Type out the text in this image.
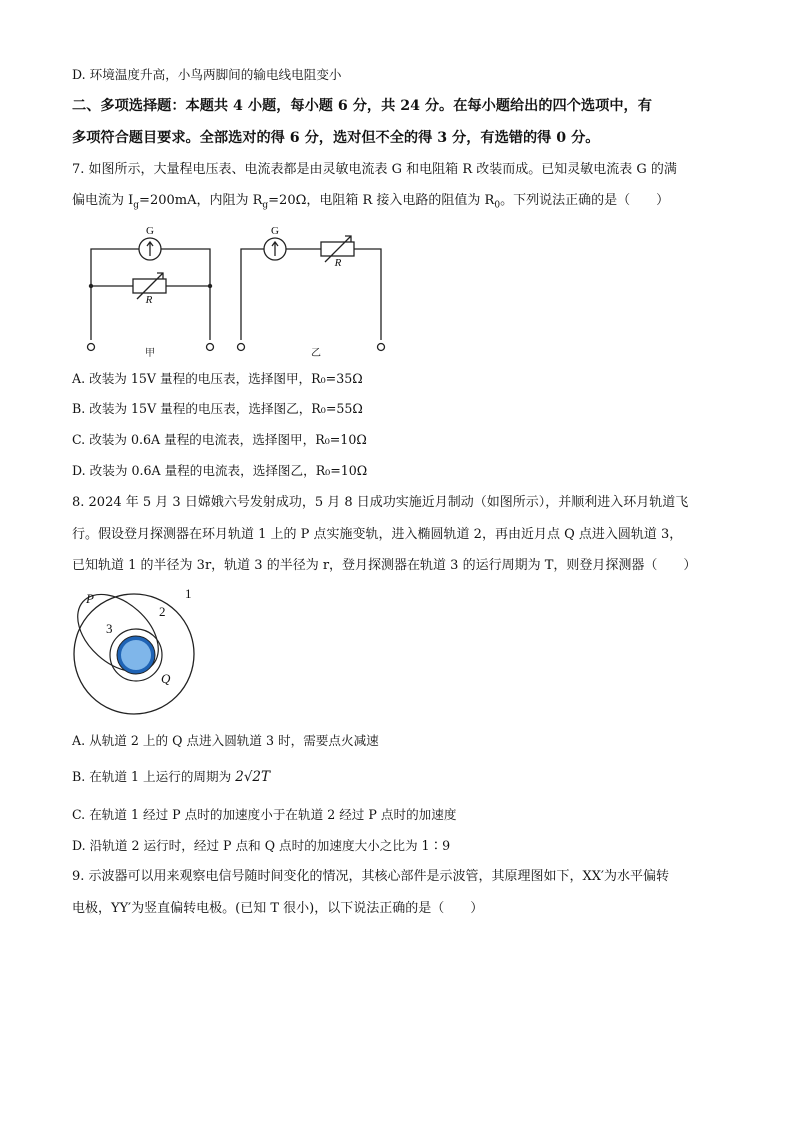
D. 环境温度升高，小鸟两脚间的输电线电阻变小
二、多项选择题：本题共 4 小题，每小题 6 分，共 24 分。在每小题给出的四个选项中，有
多项符合题目要求。全部选对的得 6 分，选对但不全的得 3 分，有选错的得 0 分。
7. 如图所示，大量程电压表、电流表都是由灵敏电流表 G 和电阻箱 R 改装而成。已知灵敏电流表 G 的满
偏电流为 $I_g=200mA$，内阻为 $R_g=20\Omega$，电阻箱 R 接入电路的阻值为 $R_0$。下列说法正确的是（　　）
G	G
R
R
甲	乙
P
Q
1
2
3
A. 改装为 15V 量程的电压表，选择图甲，R₀=35Ω
B. 改装为 15V 量程的电压表，选择图乙，R₀=55Ω
C. 改装为 0.6A 量程的电流表，选择图甲，R₀=10Ω
D. 改装为 0.6A 量程的电流表，选择图乙，R₀=10Ω
8. 2024 年 5 月 3 日嫦娥六号发射成功，5 月 8 日成功实施近月制动（如图所示），并顺利进入环月轨道飞
行。假设登月探测器在环月轨道 1 上的 P 点实施变轨，进入椭圆轨道 2，再由近月点 Q 点进入圆轨道 3，
已知轨道 1 的半径为 3r，轨道 3 的半径为 r，登月探测器在轨道 3 的运行周期为 T，则登月探测器（　　）
A. 从轨道 2 上的 Q 点进入圆轨道 3 时，需要点火减速
B. 在轨道 1 上运行的周期为 2√2T
C. 在轨道 1 经过 P 点时的加速度小于在轨道 2 经过 P 点时的加速度
D. 沿轨道 2 运行时，经过 P 点和 Q 点时的加速度大小之比为 1∶9
9. 示波器可以用来观察电信号随时间变化的情况，其核心部件是示波管，其原理图如下，XX′为水平偏转
电极，YY′为竖直偏转电极。(已知 T 很小)，以下说法正确的是（　　）
